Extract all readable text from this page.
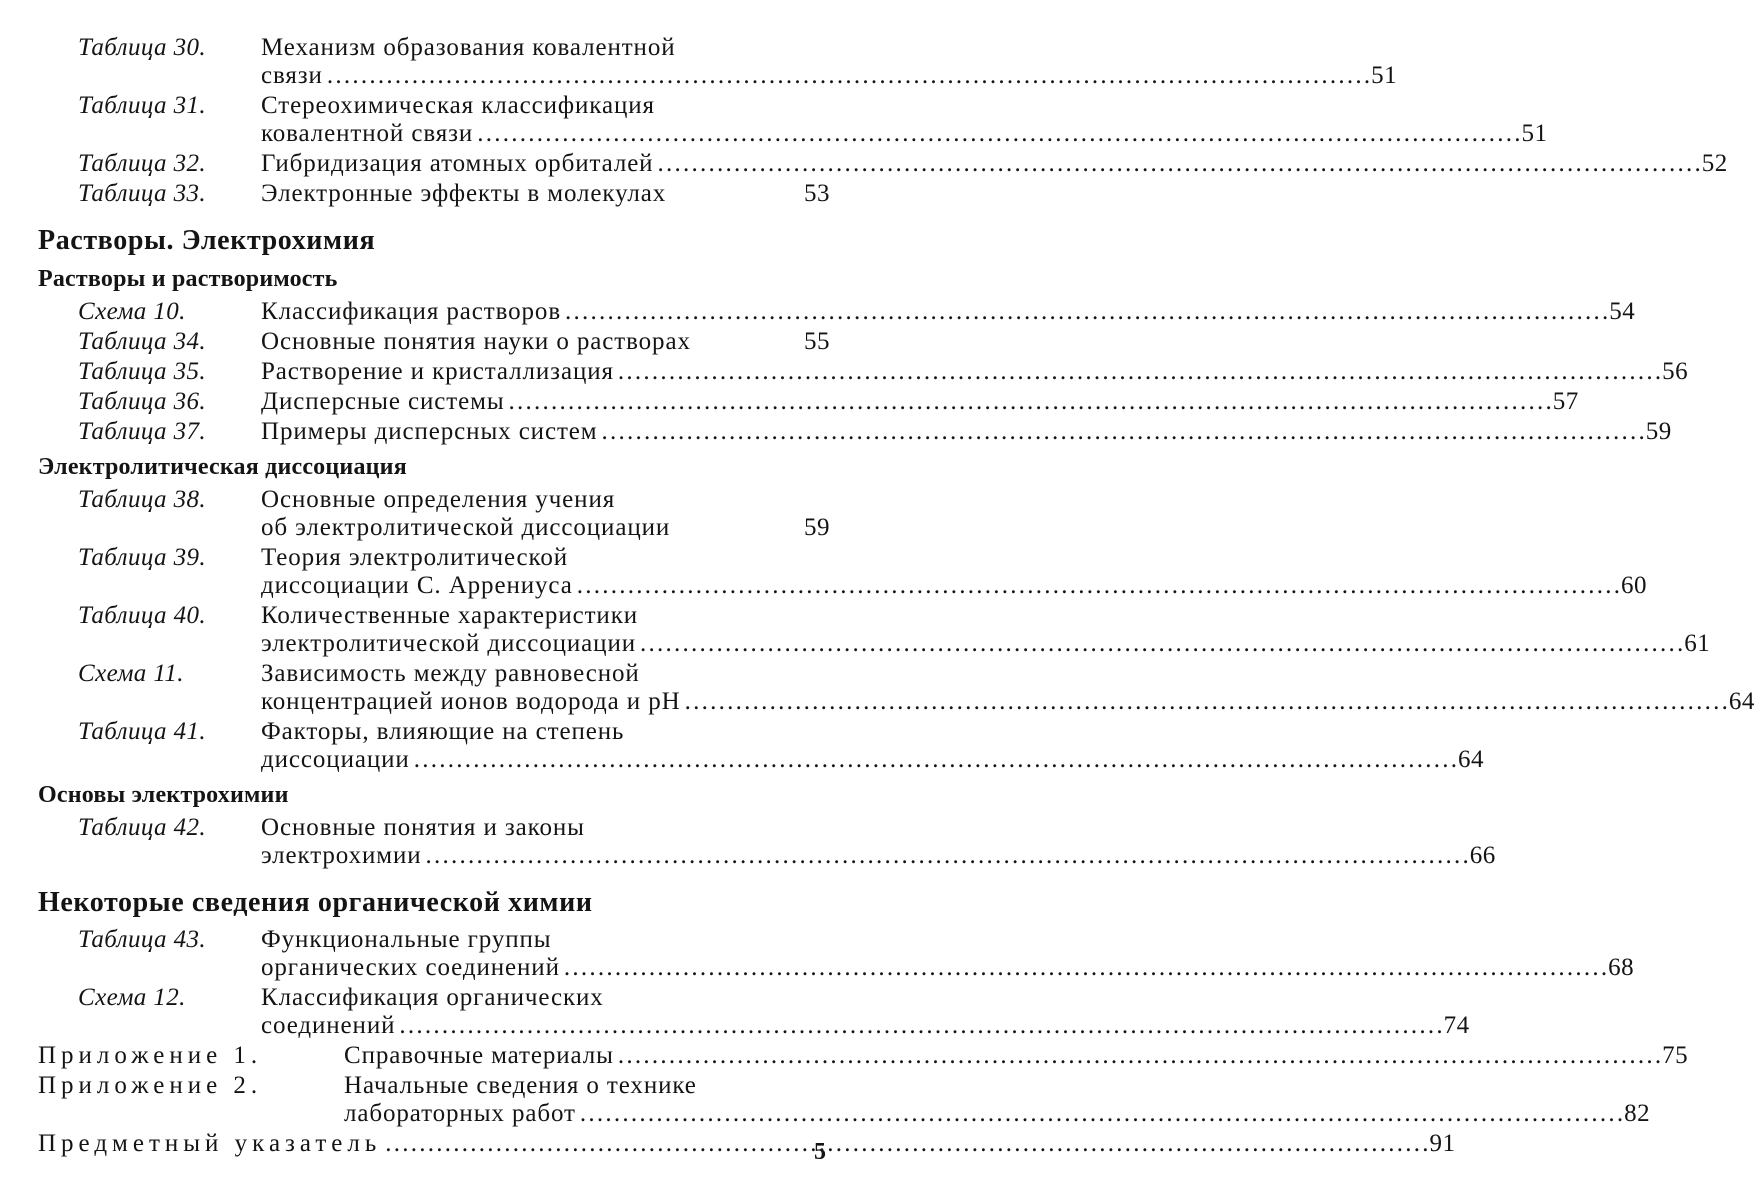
Таблица 30.	Механизм образования ковалентной
связи . . .	51
Таблица 31.	Стереохимическая классификация
ковалентной связи . . .	51
Таблица 32.	Гибридизация атомных орбиталей . . .	52
Таблица 33.	Электронные эффекты в молекулах	53
Растворы. Электрохимия
Растворы и растворимость
Схема 10.	Классификация растворов . . .	54
Таблица 34.	Основные понятия науки о растворах	55
Таблица 35.	Растворение и кристаллизация . . .	56
Таблица 36.	Дисперсные системы . . .	57
Таблица 37.	Примеры дисперсных систем . . .	59
Электролитическая диссоциация
Таблица 38.	Основные определения учения
об электролитической диссоциации	59
Таблица 39.	Теория электролитической
диссоциации С. Аррениуса . . .	60
Таблица 40.	Количественные характеристики
электролитической диссоциации . . .	61
Схема 11.	Зависимость между равновесной
концентрацией ионов водорода и pH . . .	64
Таблица 41.	Факторы, влияющие на степень
диссоциации . . .	64
Основы электрохимии
Таблица 42.	Основные понятия и законы
электрохимии . . .	66
Некоторые сведения органической химии
Таблица 43.	Функциональные группы
органических соединений . . .	68
Схема 12.	Классификация органических
соединений . . .	74
Приложение 1.	Справочные материалы . . .	75
Приложение 2.	Начальные сведения о технике
лабораторных работ . . .	82
Предметный указатель . . .	91
5
